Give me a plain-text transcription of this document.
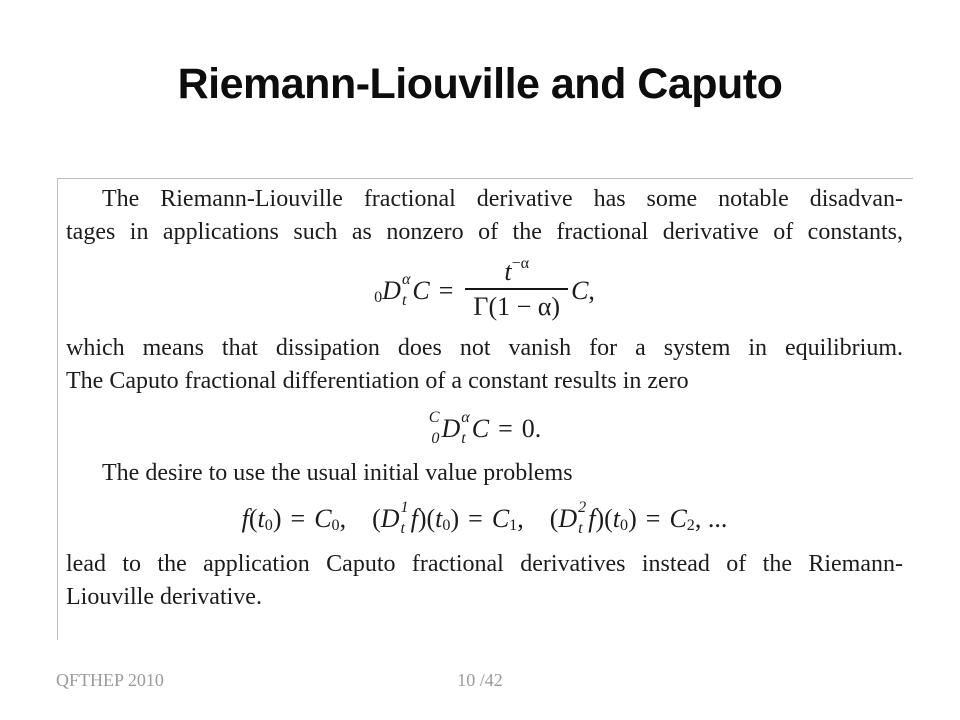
Riemann-Liouville and Caputo
The Riemann-Liouville fractional derivative has some notable disadvan-
tages in applications such as nonzero of the fractional derivative of constants,
0 D α
t $C = \frac{t -\alpha}{\Gamma(1 - \alpha)}$ C ,
which means that dissipation does not vanish for a system in equilibrium.
The Caputo fractional differentiation of a constant results in zero
C
0 D α
t C = 0.
The desire to use the usual initial value problems
f ( t 0 ) = C 0 , ( D 1
t f )( t 0 ) = C 1 , ( D 2
t f )( t 0 ) = C 2 , ...
lead to the application Caputo fractional derivatives instead of the Riemann-
Liouville derivative.
QFTHEP 2010	10 /42
